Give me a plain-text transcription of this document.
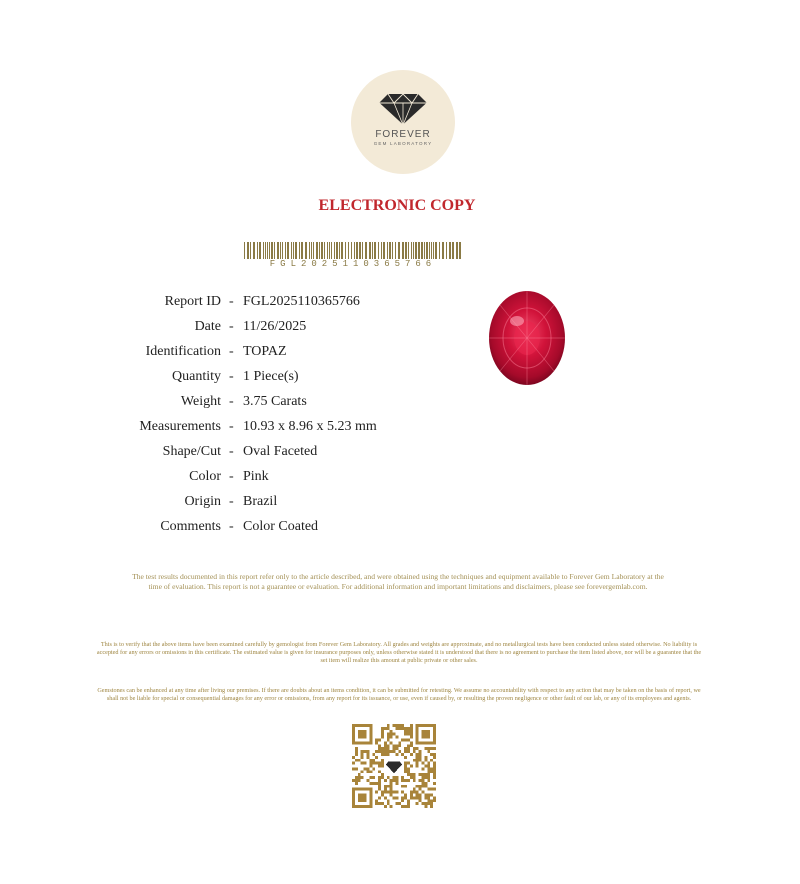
FOREVER
GEM LABORATORY
ELECTRONIC COPY
FGL2025110365766
Report ID - FGL2025110365766
Date - 11/26/2025
Identification - TOPAZ
Quantity - 1 Piece(s)
Weight - 3.75 Carats
Measurements - 10.93 x 8.96 x 5.23 mm
Shape/Cut - Oval Faceted
Color - Pink
Origin - Brazil
Comments - Color Coated
The test results documented in this report refer only to the article described, and were obtained using the techniques and equipment available to Forever Gem Laboratory at the time of evaluation. This report is not a guarantee or evaluation. For additional information and important limitations and disclaimers, please see forevergemlab.com.
This is to verify that the above items have been examined carefully by gemologist from Forever Gem Laboratory. All grades and weights are approximate, and no metallurgical tests have been conducted unless stated otherwise. No liability is accepted for any errors or omissions in this certificate. The estimated value is given for insurance purposes only, unless otherwise stated it is understood that there is no agreement to purchase the item listed above, nor will be a guarantee that the set item will realize this amount at public private or other sales.
Gemstones can be enhanced at any time after living our premises. If there are doubts about an items condition, it can be submitted for retesting. We assume no accountability with respect to any action that may be taken on the basis of report, we shall not be liable for special or consequential damages for any error or omissions, from any report for its issuance, or use, even if caused by, or resulting the proven negligence or other fault of our lab, or any of its employees and agents.
